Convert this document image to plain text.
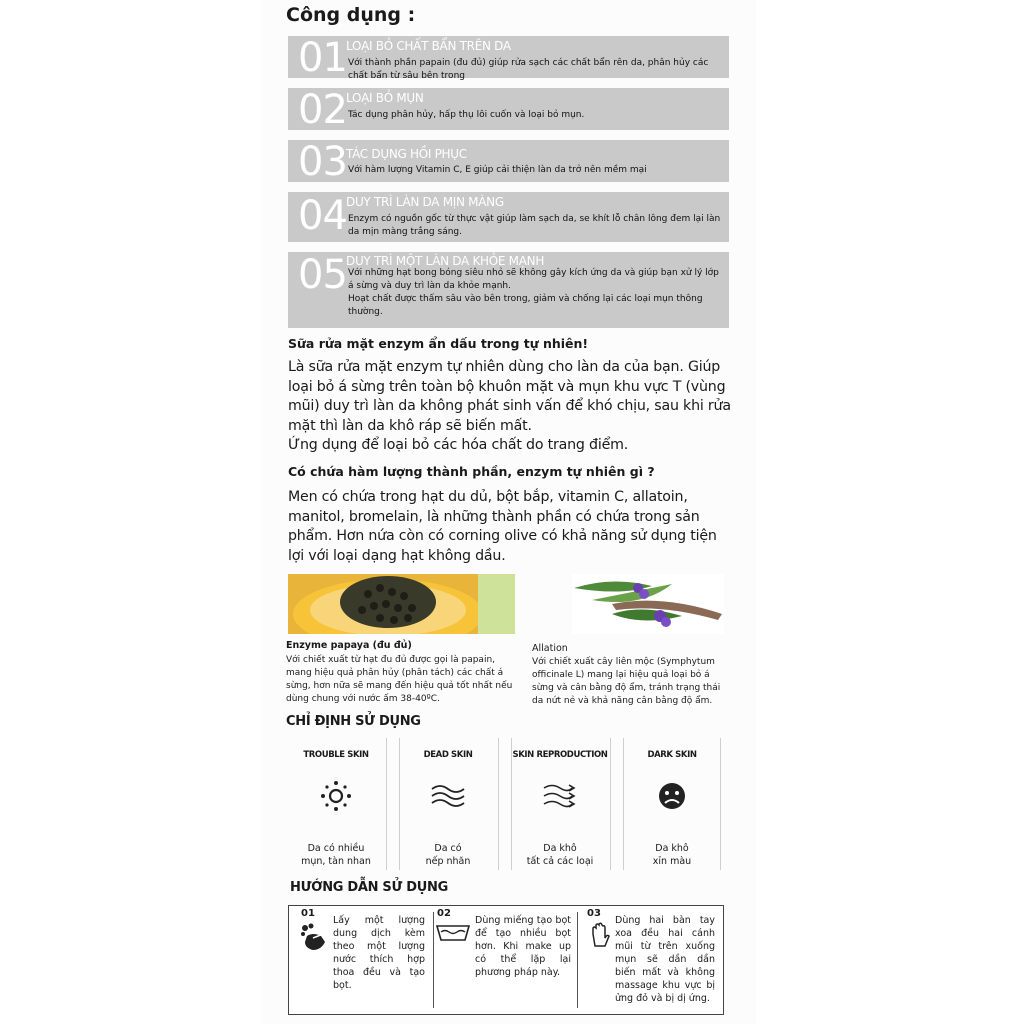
Công dụng :
01 LOẠI BỎ CHẤT BẨN TRÊN DA
Với thành phần papain (đu đủ) giúp rửa sạch các chất bẩn rên da, phân hủy các chất bẩn từ sâu bên trong
02 LOẠI BỎ MỤN
Tác dụng phân hủy, hấp thụ lôi cuốn và loại bỏ mụn.
03 TÁC DỤNG HỒI PHỤC
Với hàm lượng Vitamin C, E giúp cải thiện làn da trở nên mềm mại
04 DUY TRÌ LÀN DA MỊN MÀNG
Enzym có nguồn gốc từ thực vật giúp làm sạch da, se khít lỗ chân lông đem lại làn da mịn màng trắng sáng.
05 DUY TRÌ MỘT LÀN DA KHỎE MẠNH
Với những hạt bong bóng siêu nhỏ sẽ không gây kích ứng da và giúp bạn xử lý lớp á sừng và duy trì làn da khỏe mạnh.
Hoạt chất được thấm sâu vào bên trong, giảm và chống lại các loại mụn thông thường.
Sữa rửa mặt enzym ẩn dấu trong tự nhiên!
Là sữa rửa mặt enzym tự nhiên dùng cho làn da của bạn. Giúp loại bỏ á sừng trên toàn bộ khuôn mặt và mụn khu vực T (vùng mũi) duy trì làn da không phát sinh vấn để khó chịu, sau khi rửa mặt thì làn da khô ráp sẽ biến mất.
Ứng dụng để loại bỏ các hóa chất do trang điểm.
Có chứa hàm lượng thành phần, enzym tự nhiên gì ?
Men có chứa trong hạt du dủ, bột bắp, vitamin C, allatoin, manitol, bromelain, là những thành phần có chứa trong sản phẩm. Hơn nứa còn có corning olive có khả năng sử dụng tiện lợi với loại dạng hạt không dầu.
Enzyme papaya (đu đủ)
Với chiết xuất từ hạt đu đủ được gọi là papain, mang hiệu quả phân hủy (phân tách) các chất á sừng, hơn nữa sẽ mang đến hiệu quả tốt nhất nếu dùng chung với nước ấm 38-40ºC.
Allation
Với chiết xuất cây liên mộc (Symphytum officinale L) mang lại hiệu quả loại bỏ á sừng và cân bằng độ ẩm, tránh trạng thái da nứt nẻ và khả năng cân bằng độ ẩm.
CHỈ ĐỊNH SỬ DỤNG
TROUBLE SKIN
Da có nhiều
mụn, tàn nhan
DEAD SKIN
Da có
nếp nhăn
SKIN REPRODUCTION
Da khô
tất cả các loại
DARK SKIN
Da khô
xỉn màu
HƯỚNG DẪN SỬ DỤNG
01
Lấy một lượng dung dịch kèm theo một lượng nước thích hợp thoa đều và tạo bọt.
02
Dùng miếng tạo bọt để tạo nhiều bọt hơn. Khi make up có thể lặp lại phương pháp này.
03
Dùng hai bàn tay xoa đều hai cánh mũi từ trên xuống mụn sẽ dần dần biến mất và không massage khu vực bị ửng đỏ và bị dị ứng.
